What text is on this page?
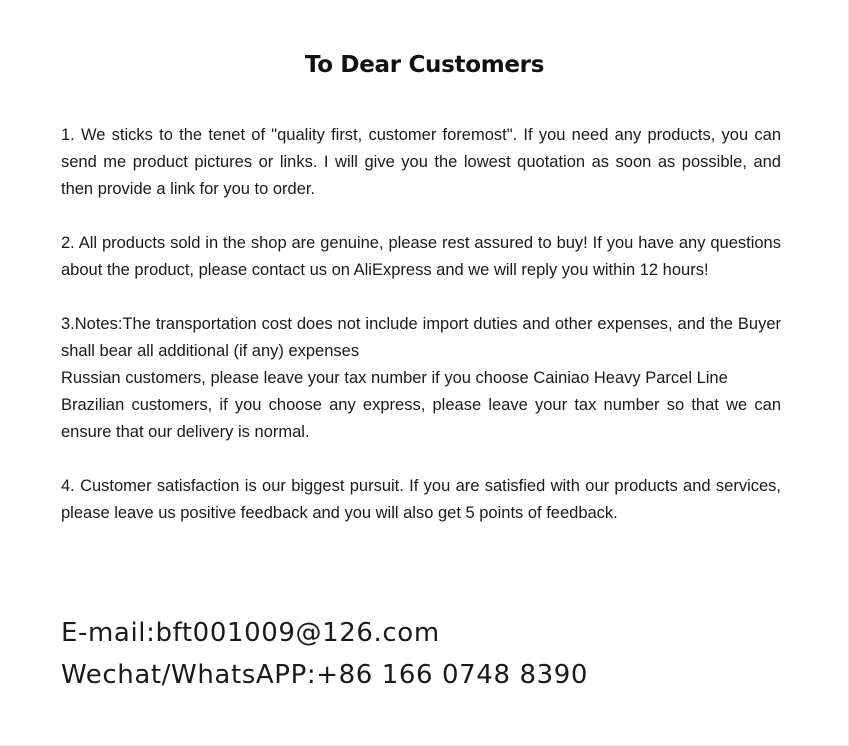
To Dear Customers

1. We sticks to the tenet of "quality first, customer foremost". If you need any products, you can send me product pictures or links. I will give you the lowest quotation as soon as possible, and then provide a link for you to order.

2. All products sold in the shop are genuine, please rest assured to buy! If you have any questions about the product, please contact us on AliExpress and we will reply you within 12 hours!

3.Notes:The transportation cost does not include import duties and other expenses, and the Buyer shall bear all additional (if any) expenses
Russian customers, please leave your tax number if you choose Cainiao Heavy Parcel Line
Brazilian customers, if you choose any express, please leave your tax number so that we can ensure that our delivery is normal.

4. Customer satisfaction is our biggest pursuit. If you are satisfied with our products and services, please leave us positive feedback and you will also get 5 points of feedback.

E-mail:bft001009@126.com
Wechat/WhatsAPP:+86 166 0748 8390
